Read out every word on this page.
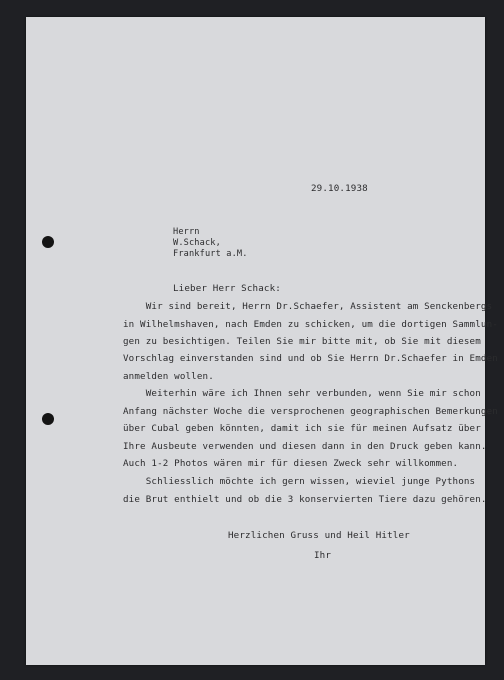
29.10.1938
Herrn
W.Schack,
Frankfurt a.M.
Lieber Herr Schack:
Wir sind bereit, Herrn Dr.Schaefer, Assistent am Senckenbergs
in Wilhelmshaven, nach Emden zu schicken, um die dortigen Sammlun-
gen zu besichtigen. Teilen Sie mir bitte mit, ob Sie mit diesem
Vorschlag einverstanden sind und ob Sie Herrn Dr.Schaefer in Emden
anmelden wollen.
Weiterhin wäre ich Ihnen sehr verbunden, wenn Sie mir schon
Anfang nächster Woche die versprochenen geographischen Bemerkungen
über Cubal geben könnten, damit ich sie für meinen Aufsatz über
Ihre Ausbeute verwenden und diesen dann in den Druck geben kann.
Auch 1-2 Photos wären mir für diesen Zweck sehr willkommen.
Schliesslich möchte ich gern wissen, wieviel junge Pythons
die Brut enthielt und ob die 3 konservierten Tiere dazu gehören.
Herzlichen Gruss und Heil Hitler
Ihr
